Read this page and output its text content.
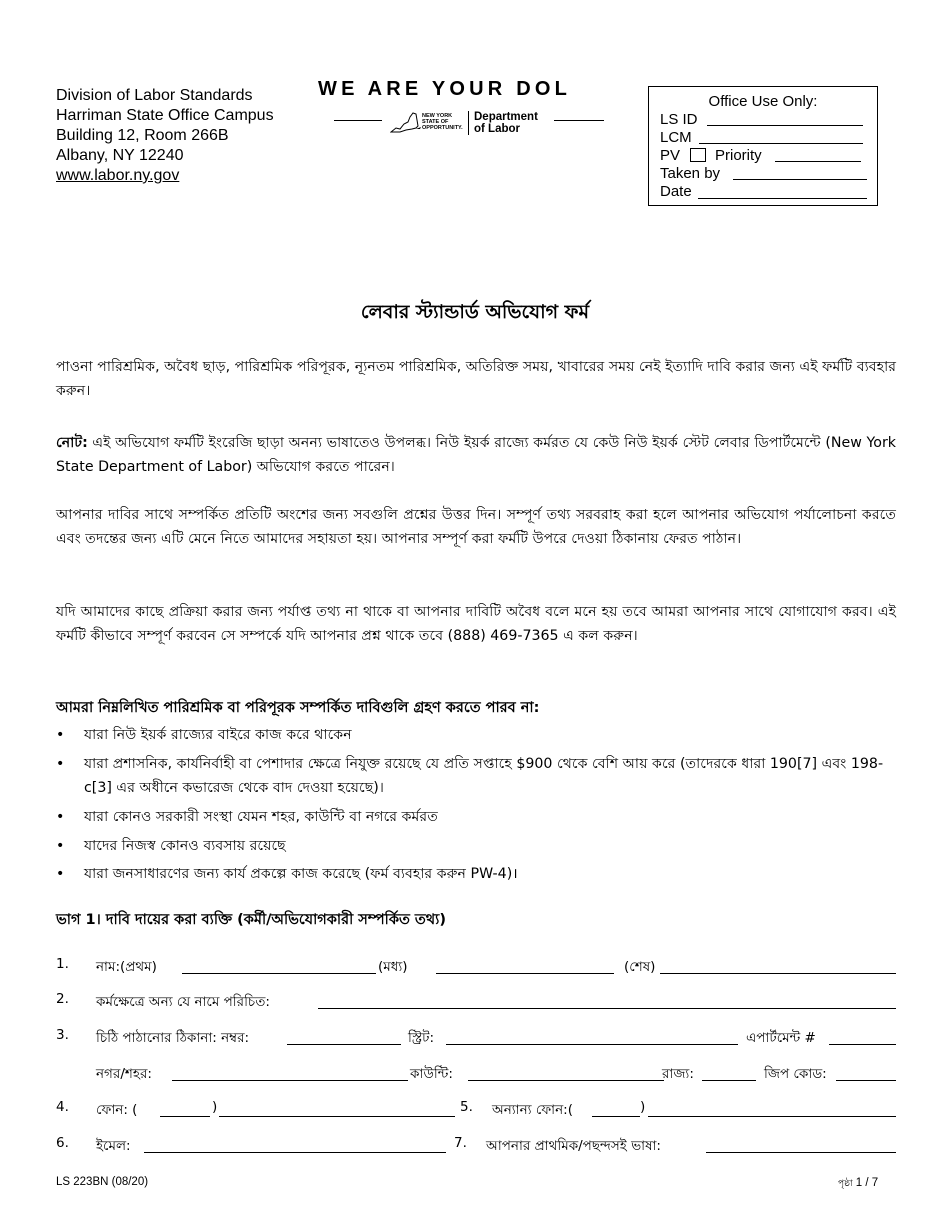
Division of Labor Standards
Harriman State Office Campus
Building 12, Room 266B
Albany, NY 12240
www.labor.ny.gov
WE ARE YOUR DOL
NEW YORK
STATE OF
OPPORTUNITY.
Department
of Labor
Office Use Only:
LS ID
LCM
PV Priority
Taken by
Date
লেবার স্ট্যান্ডার্ড অভিযোগ ফর্ম
পাওনা পারিশ্রমিক, অবৈধ ছাড়, পারিশ্রমিক পরিপূরক, ন্যূনতম পারিশ্রমিক, অতিরিক্ত সময়, খাবারের সময় নেই ইত্যাদি দাবি করার জন্য এই ফর্মটি ব্যবহার করুন।
নোট: এই অভিযোগ ফর্মটি ইংরেজি ছাড়া অনন্য ভাষাতেও উপলব্ধ। নিউ ইয়র্ক রাজ্যে কর্মরত যে কেউ নিউ ইয়র্ক স্টেট লেবার ডিপার্টমেন্টে (New York State Department of Labor) অভিযোগ করতে পারেন।
আপনার দাবির সাথে সম্পর্কিত প্রতিটি অংশের জন্য সবগুলি প্রশ্নের উত্তর দিন। সম্পূর্ণ তথ্য সরবরাহ করা হলে আপনার অভিযোগ পর্যালোচনা করতে এবং তদন্তের জন্য এটি মেনে নিতে আমাদের সহায়তা হয়। আপনার সম্পূর্ণ করা ফর্মটি উপরে দেওয়া ঠিকানায় ফেরত পাঠান।
যদি আমাদের কাছে প্রক্রিয়া করার জন্য পর্যাপ্ত তথ্য না থাকে বা আপনার দাবিটি অবৈধ বলে মনে হয় তবে আমরা আপনার সাথে যোগাযোগ করব। এই ফর্মটি কীভাবে সম্পূর্ণ করবেন সে সম্পর্কে যদি আপনার প্রশ্ন থাকে তবে (888) 469-7365 এ কল করুন।
আমরা নিম্নলিখিত পারিশ্রমিক বা পরিপূরক সম্পর্কিত দাবিগুলি গ্রহণ করতে পারব না:
• যারা নিউ ইয়র্ক রাজ্যের বাইরে কাজ করে থাকেন
• যারা প্রশাসনিক, কার্যনির্বাহী বা পেশাদার ক্ষেত্রে নিযুক্ত রয়েছে যে প্রতি সপ্তাহে $900 থেকে বেশি আয় করে (তাদেরকে ধারা 190[7] এবং 198-c[3] এর অধীনে কভারেজ থেকে বাদ দেওয়া হয়েছে)।
• যারা কোনও সরকারী সংস্থা যেমন শহর, কাউন্টি বা নগরে কর্মরত
• যাদের নিজস্ব কোনও ব্যবসায় রয়েছে
• যারা জনসাধারণের জন্য কার্য প্রকল্পে কাজ করেছে (ফর্ম ব্যবহার করুন PW-4)।
ভাগ 1। দাবি দায়ের করা ব্যক্তি (কর্মী/অভিযোগকারী সম্পর্কিত তথ্য)
1. নাম:(প্রথম)	(মধ্য)	(শেষ)
2. কর্মক্ষেত্রে অন্য যে নামে পরিচিত:
3. চিঠি পাঠানোর ঠিকানা: নম্বর:	স্ট্রিট:	এপার্টমেন্ট #
নগর/শহর:	কাউন্টি:	রাজ্য:	জিপ কোড:
4. ফোন: (	)	5. অন্যান্য ফোন:(	)
6. ইমেল:	7. আপনার প্রাথমিক/পছন্দসই ভাষা:
LS 223BN (08/20)	পৃষ্ঠা 1 / 7
